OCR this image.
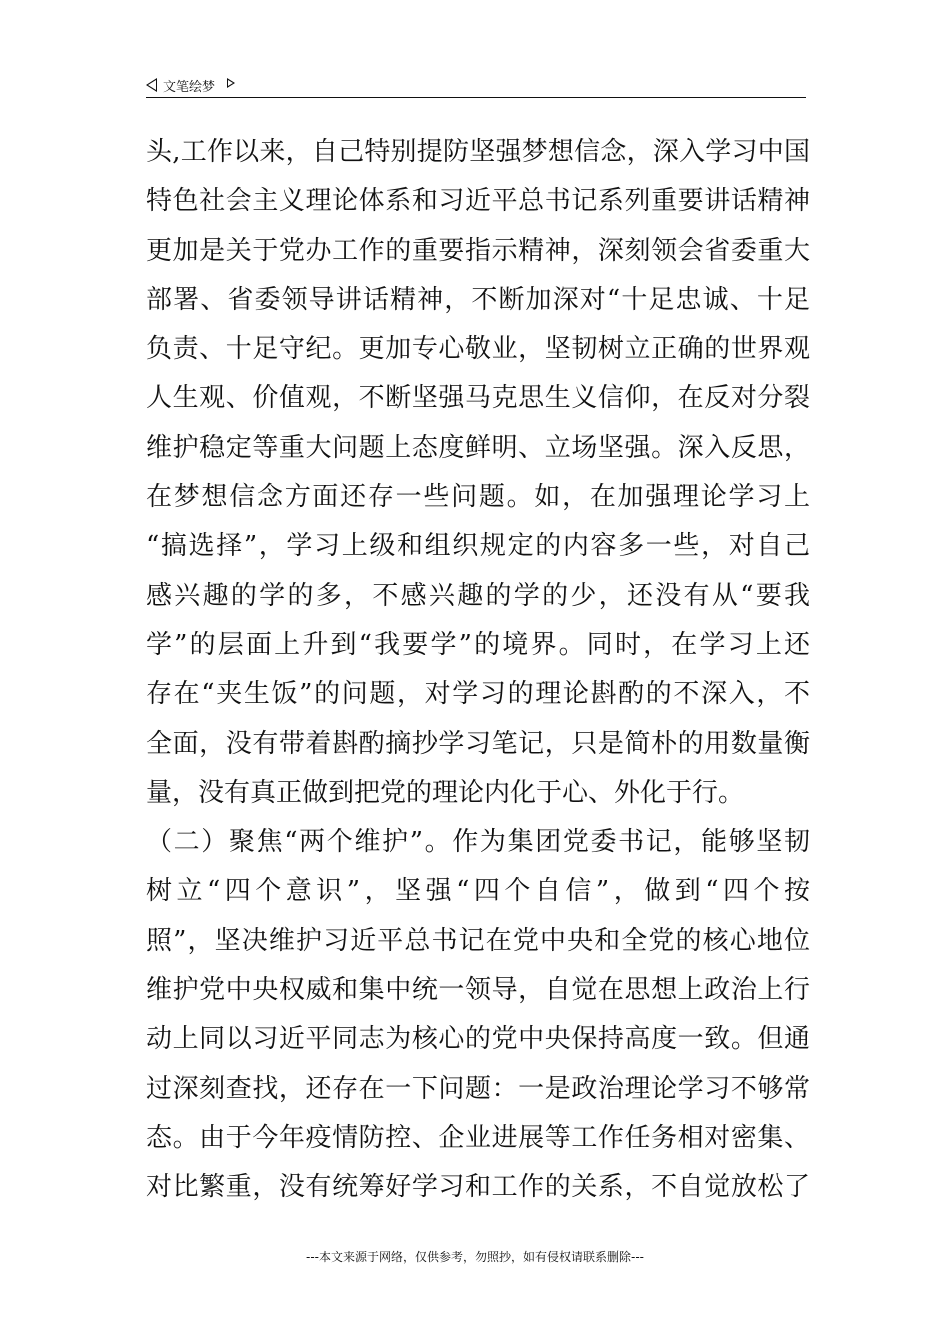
文笔绘梦
头,工作以来，自己特别提防坚强梦想信念，深入学习中国
特色社会主义理论体系和习近平总书记系列重要讲话精神
更加是关于党办工作的重要指示精神，深刻领会省委重大
部署、省委领导讲话精神，不断加深对“十足忠诚、十足
负责、十足守纪。更加专心敬业，坚韧树立正确的世界观
人生观、价值观，不断坚强马克思生义信仰，在反对分裂
维护稳定等重大问题上态度鲜明、立场坚强。深入反思，
在梦想信念方面还存一些问题。如，在加强理论学习上
“搞选择”，学习上级和组织规定的内容多一些，对自己
感兴趣的学的多，不感兴趣的学的少，还没有从“要我
学”的层面上升到“我要学”的境界。同时，在学习上还
存在“夹生饭”的问题，对学习的理论斟酌的不深入，不
全面，没有带着斟酌摘抄学习笔记，只是简朴的用数量衡
量，没有真正做到把党的理论内化于心、外化于行。
（二）聚焦“两个维护”。作为集团党委书记，能够坚韧
树立“四个意识”，坚强“四个自信”，做到“四个按
照”，坚决维护习近平总书记在党中央和全党的核心地位
维护党中央权威和集中统一领导，自觉在思想上政治上行
动上同以习近平同志为核心的党中央保持高度一致。但通
过深刻查找，还存在一下问题：一是政治理论学习不够常
态。由于今年疫情防控、企业进展等工作任务相对密集、
对比繁重，没有统筹好学习和工作的关系，不自觉放松了
---本文来源于网络，仅供参考，勿照抄，如有侵权请联系删除---
